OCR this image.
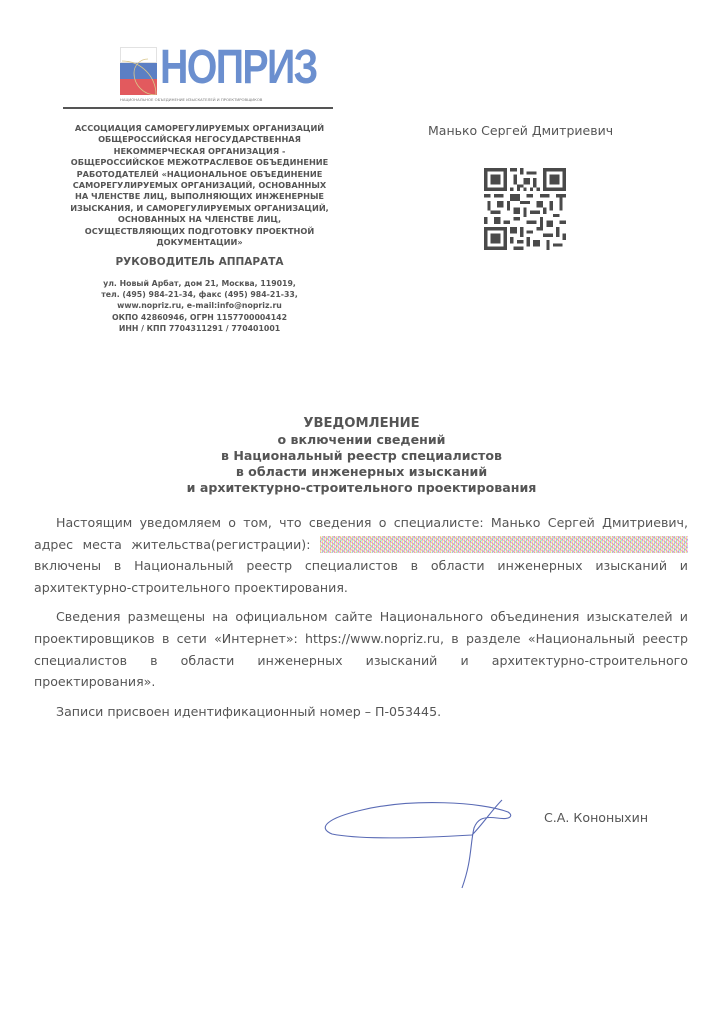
НОПРИЗ
НАЦИОНАЛЬНОЕ ОБЪЕДИНЕНИЕ ИЗЫСКАТЕЛЕЙ И ПРОЕКТИРОВЩИКОВ
АССОЦИАЦИЯ САМОРЕГУЛИРУЕМЫХ ОРГАНИЗАЦИЙ
ОБЩЕРОССИЙСКАЯ НЕГОСУДАРСТВЕННАЯ
НЕКОММЕРЧЕСКАЯ ОРГАНИЗАЦИЯ -
ОБЩЕРОССИЙСКОЕ МЕЖОТРАСЛЕВОЕ ОБЪЕДИНЕНИЕ
РАБОТОДАТЕЛЕЙ «НАЦИОНАЛЬНОЕ ОБЪЕДИНЕНИЕ
САМОРЕГУЛИРУЕМЫХ ОРГАНИЗАЦИЙ, ОСНОВАННЫХ
НА ЧЛЕНСТВЕ ЛИЦ, ВЫПОЛНЯЮЩИХ ИНЖЕНЕРНЫЕ
ИЗЫСКАНИЯ, И САМОРЕГУЛИРУЕМЫХ ОРГАНИЗАЦИЙ,
ОСНОВАННЫХ НА ЧЛЕНСТВЕ ЛИЦ,
ОСУЩЕСТВЛЯЮЩИХ ПОДГОТОВКУ ПРОЕКТНОЙ
ДОКУМЕНТАЦИИ»
РУКОВОДИТЕЛЬ АППАРАТА
ул. Новый Арбат, дом 21, Москва, 119019,
тел. (495) 984-21-34, факс (495) 984-21-33,
www.nopriz.ru, e-mail:info@nopriz.ru
ОКПО 42860946, ОГРН 1157700004142
ИНН / КПП 7704311291 / 770401001
Манько Сергей Дмитриевич
УВЕДОМЛЕНИЕ
о включении сведений
в Национальный реестр специалистов
в области инженерных изысканий
и архитектурно-строительного проектирования

Настоящим уведомляем о том, что сведения о специалисте: Манько Сергей Дмитриевич, адрес места жительства(регистрации):  включены в Национальный реестр специалистов в области инженерных изысканий и архитектурно-строительного проектирования.

Сведения размещены на официальном сайте Национального объединения изыскателей и проектировщиков в сети «Интернет»: https://www.nopriz.ru, в разделе «Национальный реестр специалистов в области инженерных изысканий и архитектурно-строительного проектирования».

Записи присвоен идентификационный номер – П-053445.

С.А. Кононыхин
